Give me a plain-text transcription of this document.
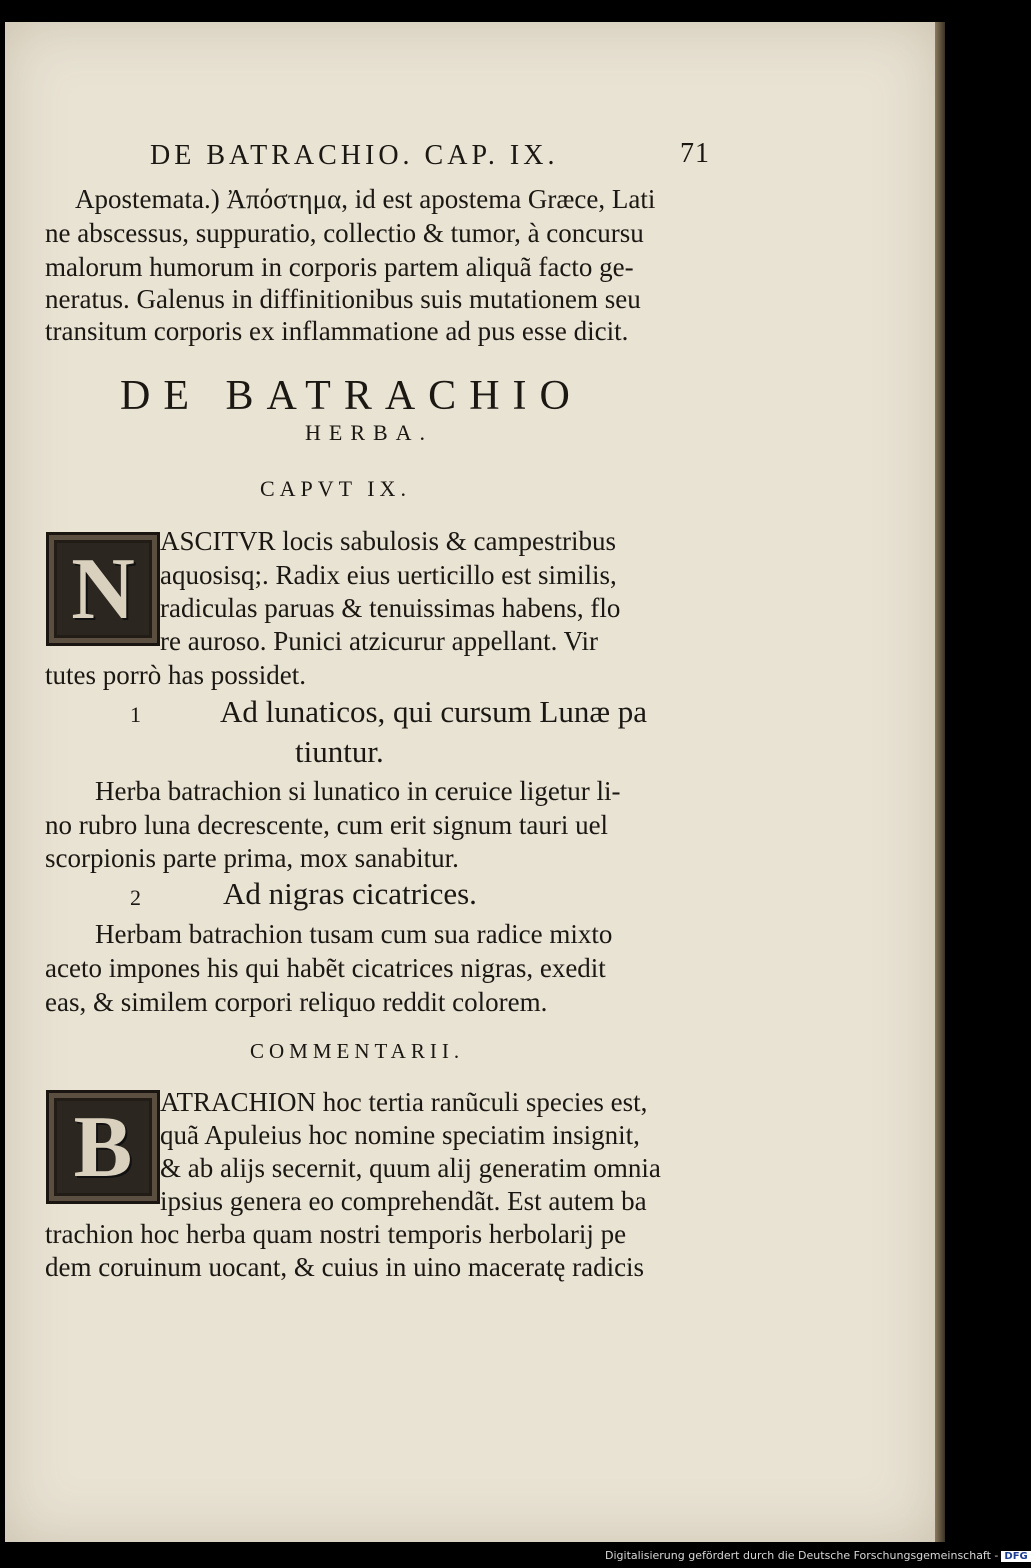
DE BATRACHIO. CAP. IX.	71
Apostemata.) Ἀπόστημα, id est apostema Græce, Lati
ne abscessus, suppuratio, collectio & tumor, à concursu
malorum humorum in corporis partem aliquã facto ge-
neratus. Galenus in diffinitionibus suis mutationem seu
transitum corporis ex inflammatione ad pus esse dicit.
DE BATRACHIO
HERBA.
CAPVT IX.
N ASCITVR locis sabulosis & campestribus
aquosisq;. Radix eius uerticillo est similis,
radiculas paruas & tenuissimas habens, flo
re auroso. Punici atzicurur appellant. Vir
tutes porrò has possidet.
1	Ad lunaticos, qui cursum Lunæ pa
tiuntur.
Herba batrachion si lunatico in ceruice ligetur li-
no rubro luna decrescente, cum erit signum tauri uel
scorpionis parte prima, mox sanabitur.
2	Ad nigras cicatrices.
Herbam batrachion tusam cum sua radice mixto
aceto impones his qui habẽt cicatrices nigras, exedit
eas, & similem corpori reliquo reddit colorem.
COMMENTARII.
B ATRACHION hoc tertia ranũculi species est,
quã Apuleius hoc nomine speciatim insignit,
& ab alijs secernit, quum alij generatim omnia
ipsius genera eo comprehendãt. Est autem ba
trachion hoc herba quam nostri temporis herbolarij pe
dem coruinum uocant, & cuius in uino maceratę radicis
Digitalisierung gefördert durch die Deutsche Forschungsgemeinschaft - DFG
